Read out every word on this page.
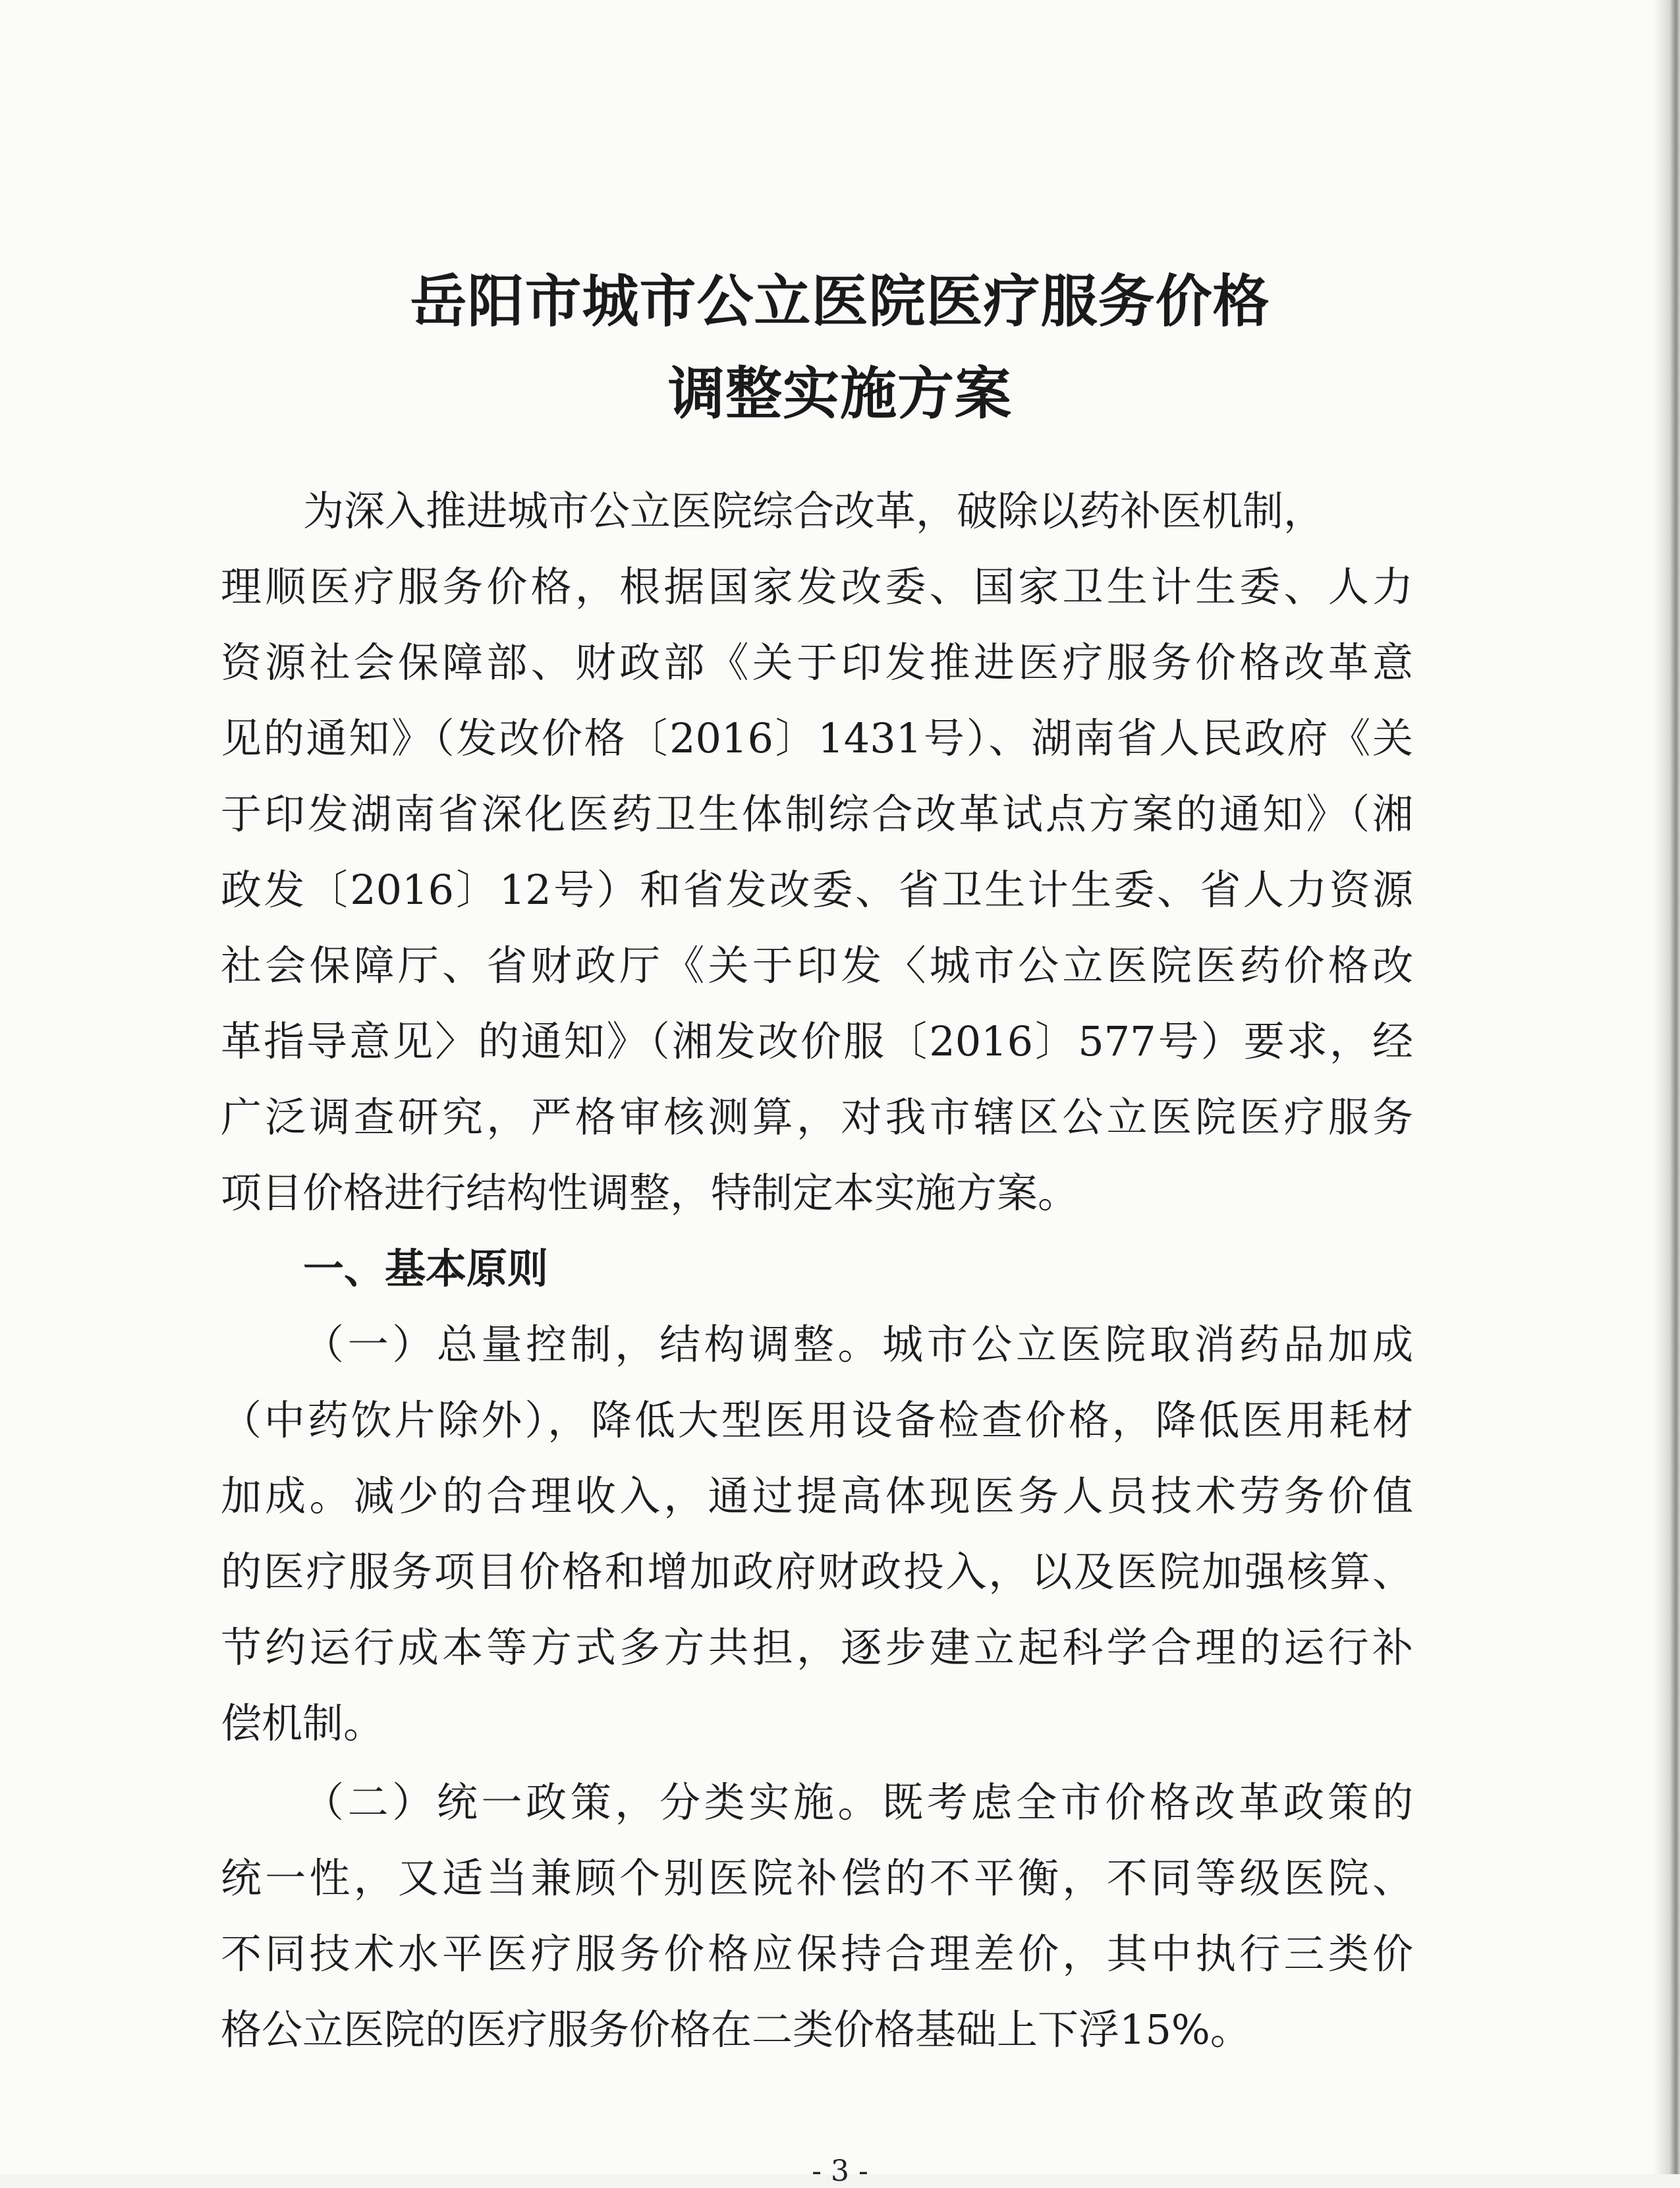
岳阳市城市公立医院医疗服务价格
调整实施方案
为深入推进城市公立医院综合改革，破除以药补医机制，
理顺医疗服务价格，根据国家发改委、国家卫生计生委、人力
资源社会保障部、财政部《关于印发推进医疗服务价格改革意
见的通知》（发改价格〔2016〕1431号）、湖南省人民政府《关
于印发湖南省深化医药卫生体制综合改革试点方案的通知》（湘
政发〔2016〕12号）和省发改委、省卫生计生委、省人力资源
社会保障厅、省财政厅《关于印发〈城市公立医院医药价格改
革指导意见〉的通知》（湘发改价服〔2016〕577号）要求，经
广泛调查研究，严格审核测算，对我市辖区公立医院医疗服务
项目价格进行结构性调整，特制定本实施方案。
一、基本原则
（一）总量控制，结构调整。城市公立医院取消药品加成
（中药饮片除外），降低大型医用设备检查价格，降低医用耗材
加成。减少的合理收入，通过提高体现医务人员技术劳务价值
的医疗服务项目价格和增加政府财政投入，以及医院加强核算、
节约运行成本等方式多方共担，逐步建立起科学合理的运行补
偿机制。
（二）统一政策，分类实施。既考虑全市价格改革政策的
统一性，又适当兼顾个别医院补偿的不平衡，不同等级医院、
不同技术水平医疗服务价格应保持合理差价，其中执行三类价
格公立医院的医疗服务价格在二类价格基础上下浮15%。
- 3 -
